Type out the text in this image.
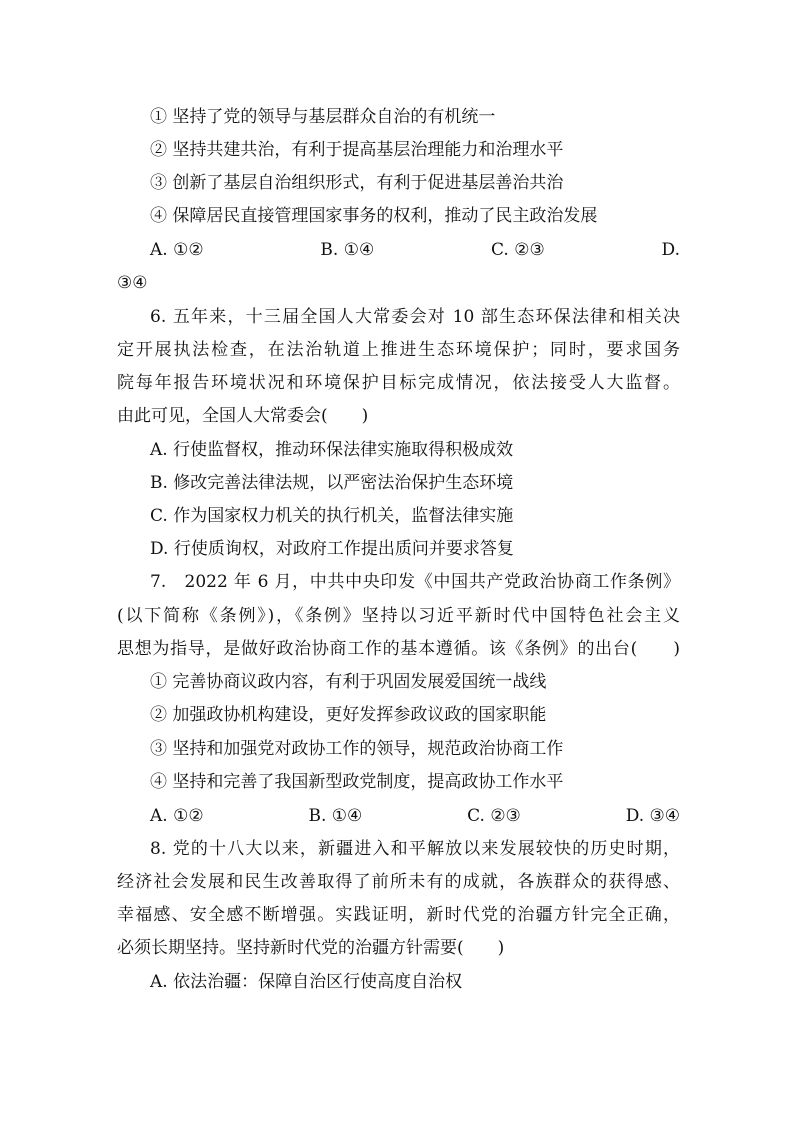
① 坚持了党的领导与基层群众自治的有机统一
② 坚持共建共治，有利于提高基层治理能力和治理水平
③ 创新了基层自治组织形式，有利于促进基层善治共治
④ 保障居民直接管理国家事务的权利，推动了民主政治发展
A. ①②	B. ①④	C. ②③	D.
③④
6. 五年来，十三届全国人大常委会对 10 部生态环保法律和相关决
定开展执法检查，在法治轨道上推进生态环境保护；同时，要求国务
院每年报告环境状况和环境保护目标完成情况，依法接受人大监督。
由此可见，全国人大常委会(　　)
A. 行使监督权，推动环保法律实施取得积极成效
B. 修改完善法律法规，以严密法治保护生态环境
C. 作为国家权力机关的执行机关，监督法律实施
D. 行使质询权，对政府工作提出质问并要求答复
7.　2022 年 6 月，中共中央印发《中国共产党政治协商工作条例》
(以下简称《条例》)，《条例》坚持以习近平新时代中国特色社会主义
思想为指导，是做好政治协商工作的基本遵循。该《条例》的出台(　　)
① 完善协商议政内容，有利于巩固发展爱国统一战线
② 加强政协机构建设，更好发挥参政议政的国家职能
③ 坚持和加强党对政协工作的领导，规范政治协商工作
④ 坚持和完善了我国新型政党制度，提高政协工作水平
A. ①②	B. ①④	C. ②③	D. ③④
8. 党的十八大以来，新疆进入和平解放以来发展较快的历史时期，
经济社会发展和民生改善取得了前所未有的成就，各族群众的获得感、
幸福感、安全感不断增强。实践证明，新时代党的治疆方针完全正确，
必须长期坚持。坚持新时代党的治疆方针需要(　　)
A. 依法治疆：保障自治区行使高度自治权
